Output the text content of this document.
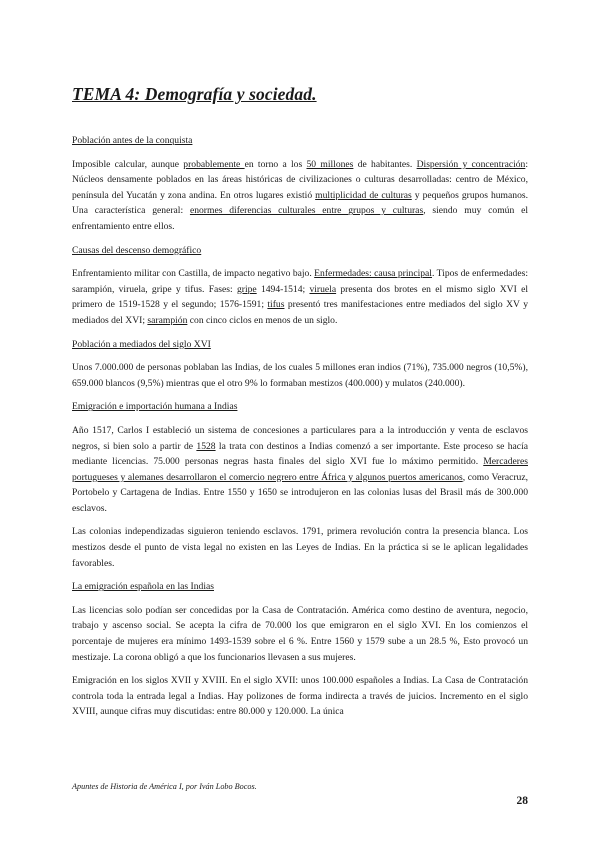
TEMA 4: Demografía y sociedad.
Población antes de la conquista

Imposible calcular, aunque probablemente en torno a los 50 millones de habitantes. Dispersión y concentración: Núcleos densamente poblados en las áreas históricas de civilizaciones o culturas desarrolladas: centro de México, península del Yucatán y zona andina. En otros lugares existió multiplicidad de culturas y pequeños grupos humanos. Una característica general: enormes diferencias culturales entre grupos y culturas, siendo muy común el enfrentamiento entre ellos.

Causas del descenso demográfico

Enfrentamiento militar con Castilla, de impacto negativo bajo. Enfermedades: causa principal. Tipos de enfermedades: sarampión, viruela, gripe y tifus. Fases: gripe 1494-1514; viruela presenta dos brotes en el mismo siglo XVI el primero de 1519-1528 y el segundo; 1576-1591; tifus presentó tres manifestaciones entre mediados del siglo XV y mediados del XVI; sarampión con cinco ciclos en menos de un siglo.

Población a mediados del siglo XVI

Unos 7.000.000 de personas poblaban las Indias, de los cuales 5 millones eran indios (71%), 735.000 negros (10,5%), 659.000 blancos (9,5%) mientras que el otro 9% lo formaban mestizos (400.000) y mulatos (240.000).

Emigración e importación humana a Indias

Año 1517, Carlos I estableció un sistema de concesiones a particulares para a la introducción y venta de esclavos negros, si bien solo a partir de 1528 la trata con destinos a Indias comenzó a ser importante. Este proceso se hacía mediante licencias. 75.000 personas negras hasta finales del siglo XVI fue lo máximo permitido. Mercaderes portugueses y alemanes desarrollaron el comercio negrero entre África y algunos puertos americanos, como Veracruz, Portobelo y Cartagena de Indias. Entre 1550 y 1650 se introdujeron en las colonias lusas del Brasil más de 300.000 esclavos.

Las colonias independizadas siguieron teniendo esclavos. 1791, primera revolución contra la presencia blanca. Los mestizos desde el punto de vista legal no existen en las Leyes de Indias. En la práctica si se le aplican legalidades favorables.

La emigración española en las Indias

Las licencias solo podían ser concedidas por la Casa de Contratación. América como destino de aventura, negocio, trabajo y ascenso social. Se acepta la cifra de 70.000 los que emigraron en el siglo XVI. En los comienzos el porcentaje de mujeres era mínimo 1493-1539 sobre el 6 %. Entre 1560 y 1579 sube a un 28.5 %, Esto provocó un mestizaje. La corona obligó a que los funcionarios llevasen a sus mujeres.

Emigración en los siglos XVII y XVIII. En el siglo XVII: unos 100.000 españoles a Indias. La Casa de Contratación controla toda la entrada legal a Indias. Hay polizones de forma indirecta a través de juicios. Incremento en el siglo XVIII, aunque cifras muy discutidas: entre 80.000 y 120.000. La única

Apuntes de Historia de América I, por Iván Lobo Bocos.
28
